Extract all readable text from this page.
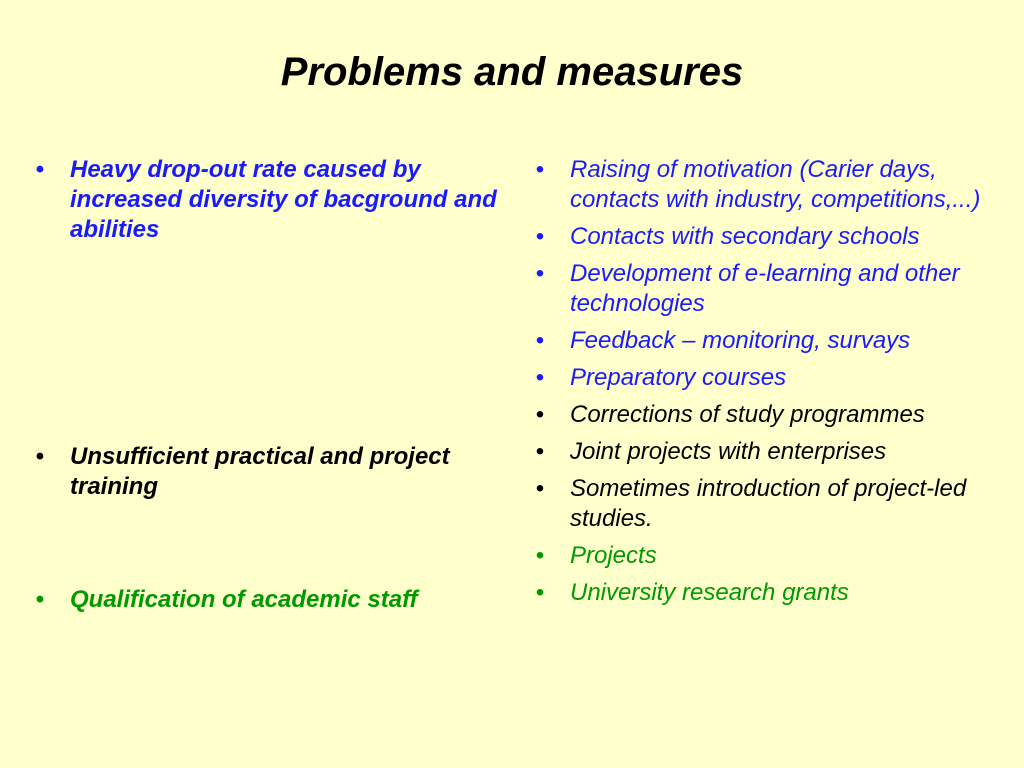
Problems and measures
• Heavy drop-out rate caused by increased diversity of bacground and abilities
• Unsufficient practical and project training
• Qualification of academic staff
• Raising of motivation (Carier days, contacts with industry, competitions,...)
• Contacts with secondary schools
• Development of e-learning and other technologies
• Feedback – monitoring, survays
• Preparatory courses
• Corrections of study programmes
• Joint projects with enterprises
• Sometimes introduction of project-led studies.
• Projects
• University research grants
